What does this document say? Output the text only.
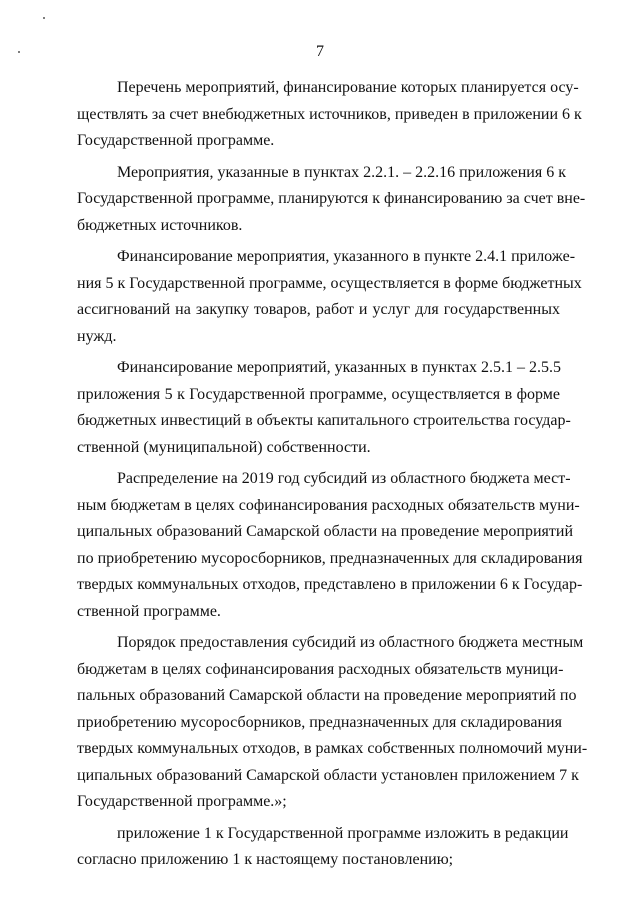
7
Перечень мероприятий, финансирование которых планируется осу-
ществлять за счет внебюджетных источников, приведен в приложении 6 к
Государственной программе.
Мероприятия, указанные в пунктах 2.2.1. – 2.2.16 приложения 6 к
Государственной программе, планируются к финансированию за счет вне-
бюджетных источников.
Финансирование мероприятия, указанного в пункте 2.4.1 приложе-
ния 5 к Государственной программе, осуществляется в форме бюджетных
ассигнований на закупку товаров, работ и услуг для государственных
нужд.
Финансирование мероприятий, указанных в пунктах 2.5.1 – 2.5.5
приложения 5 к Государственной программе, осуществляется в форме
бюджетных инвестиций в объекты капитального строительства государ-
ственной (муниципальной) собственности.
Распределение на 2019 год субсидий из областного бюджета мест-
ным бюджетам в целях софинансирования расходных обязательств муни-
ципальных образований Самарской области на проведение мероприятий
по приобретению мусоросборников, предназначенных для складирования
твердых коммунальных отходов, представлено в приложении 6 к Государ-
ственной программе.
Порядок предоставления субсидий из областного бюджета местным
бюджетам в целях софинансирования расходных обязательств муници-
пальных образований Самарской области на проведение мероприятий по
приобретению мусоросборников, предназначенных для складирования
твердых коммунальных отходов, в рамках собственных полномочий муни-
ципальных образований Самарской области установлен приложением 7 к
Государственной программе.»;
приложение 1 к Государственной программе изложить в редакции
согласно приложению 1 к настоящему постановлению;
